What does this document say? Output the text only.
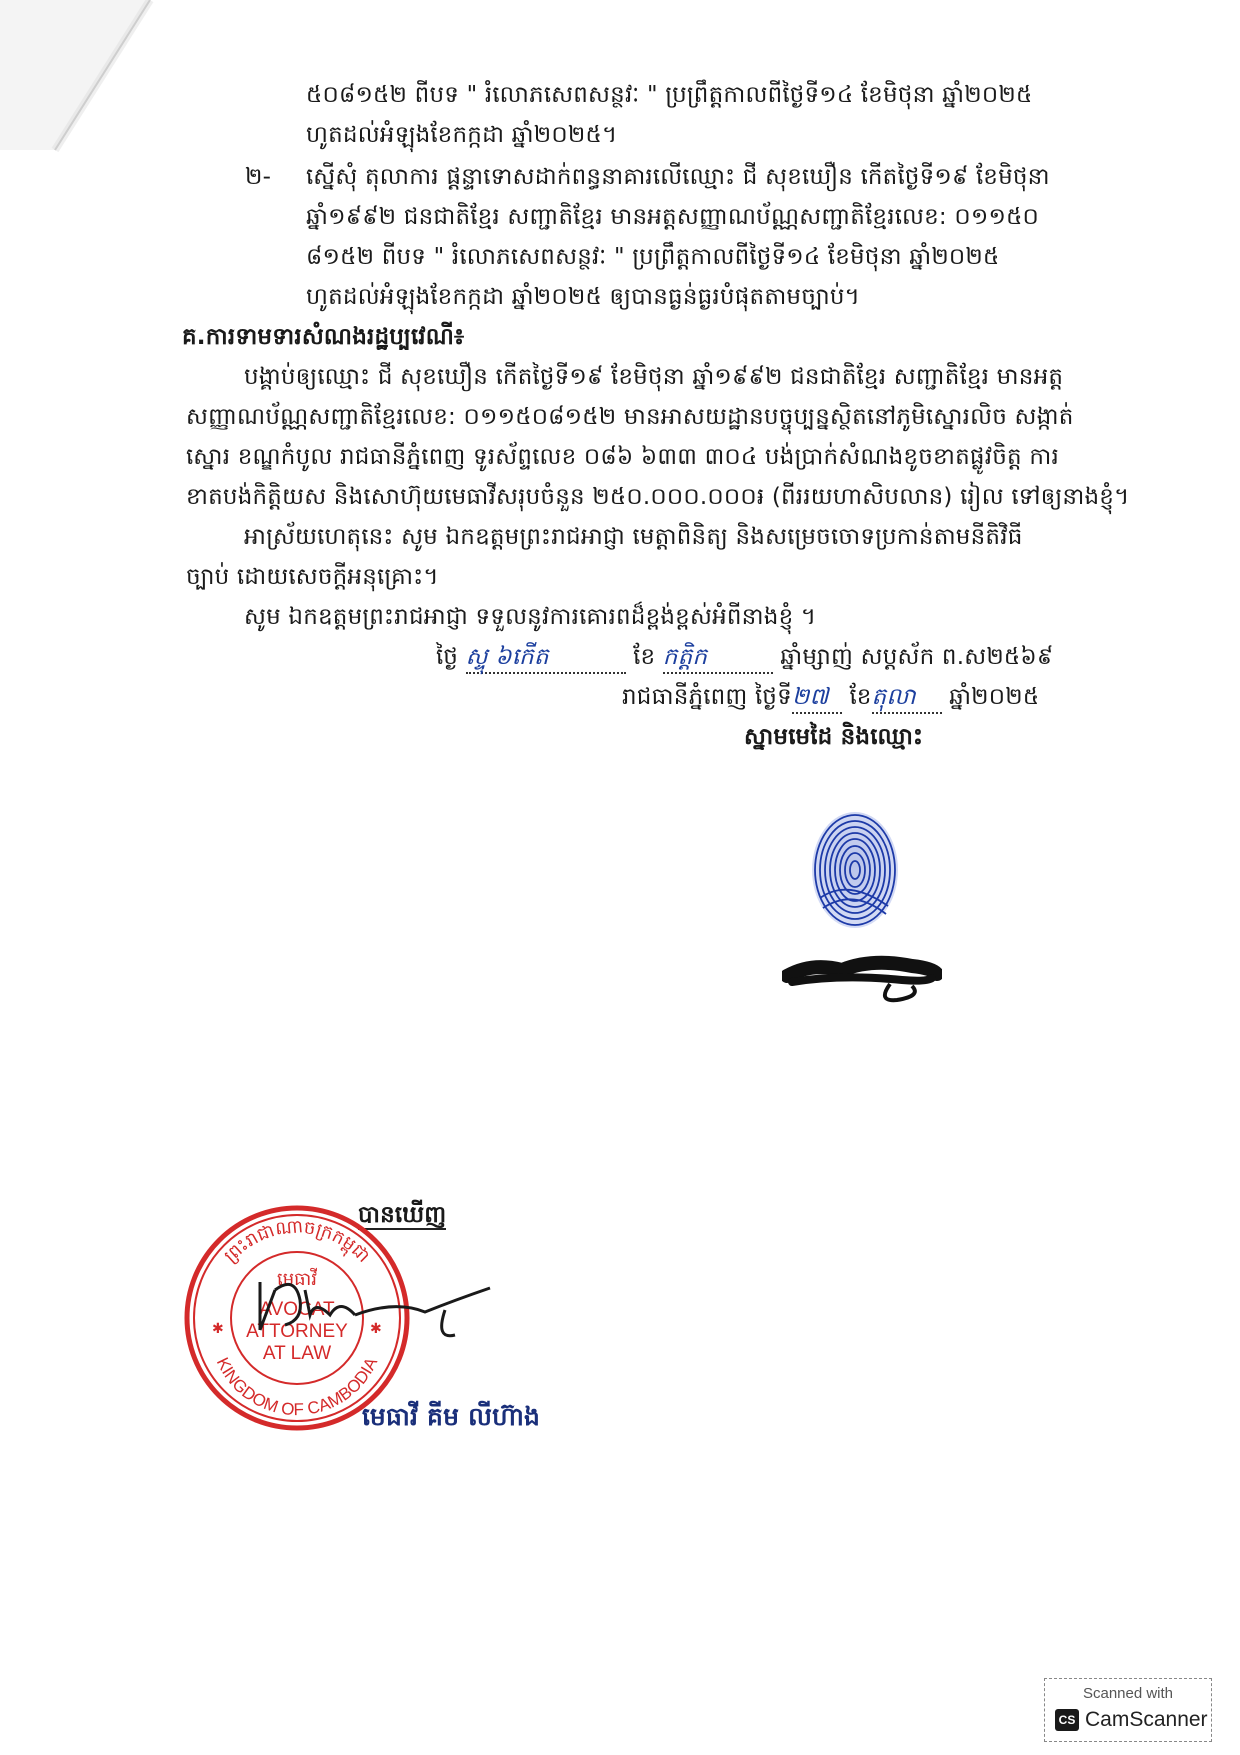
៥០៨១៥២ ពីបទ " រំលោភសេពសន្ថវៈ " ប្រព្រឹត្តកាលពីថ្ងៃទី១៤ ខែមិថុនា ឆ្នាំ២០២៥
ហូតដល់អំឡុងខែកក្កដា ឆ្នាំ២០២៥។
២- ស្នើសុំ តុលាការ ផ្តន្ទាទោសដាក់ពន្ធនាគារលើឈ្មោះ ជី សុខឃឿន កើតថ្ងៃទី១៩ ខែមិថុនា
ឆ្នាំ១៩៩២ ជនជាតិខ្មែរ សញ្ជាតិខ្មែរ មានអត្តសញ្ញាណប័ណ្ណសញ្ជាតិខ្មែរលេខ: ០១១៥០
៨១៥២ ពីបទ " រំលោភសេពសន្ថវៈ " ប្រព្រឹត្តកាលពីថ្ងៃទី១៤ ខែមិថុនា ឆ្នាំ២០២៥
ហូតដល់អំឡុងខែកក្កដា ឆ្នាំ២០២៥ ឲ្យបានធ្ងន់ធ្ងរបំផុតតាមច្បាប់។
គ.ការទាមទារសំណងរដ្ឋប្បវេណី៖
បង្គាប់ឲ្យឈ្មោះ ជី សុខឃឿន កើតថ្ងៃទី១៩ ខែមិថុនា ឆ្នាំ១៩៩២ ជនជាតិខ្មែរ សញ្ជាតិខ្មែរ មានអត្ត
សញ្ញាណប័ណ្ណសញ្ជាតិខ្មែរលេខ: ០១១៥០៨១៥២ មានអាសយដ្ឋានបច្ចុប្បន្នស្ថិតនៅភូមិស្នោរលិច សង្កាត់
ស្នោរ ខណ្ឌកំបូល រាជធានីភ្នំពេញ ទូរស័ព្ទលេខ ០៨៦ ៦៣៣ ៣០៤ បង់ប្រាក់សំណងខូចខាតផ្លូវចិត្ត ការ
ខាតបង់កិត្តិយស និងសោហ៊ុយមេធាវីសរុបចំនួន ២៥០.០០០.០០០៛ (ពីររយហាសិបលាន) រៀល ទៅឲ្យនាងខ្ញុំ។
អាស្រ័យហេតុនេះ សូម ឯកឧត្តមព្រះរាជអាជ្ញា មេត្តាពិនិត្យ និងសម្រេចចោទប្រកាន់តាមនីតិវិធី
ច្បាប់ ដោយសេចក្តីអនុគ្រោះ។
សូម ឯកឧត្តមព្រះរាជអាជ្ញា ទទួលនូវការគោរពដ៏ខ្ពង់ខ្ពស់អំពីនាងខ្ញុំ ។
ថ្ងៃ ស្ទុ ៦កើត	ខែ កត្តិក	ឆ្នាំម្សាញ់ សប្តស័ក ព.ស២៥៦៩
រាជធានីភ្នំពេញ ថ្ងៃទី២៧ ខែតុលា ឆ្នាំ២០២៥
ស្នាមមេដៃ និងឈ្មោះ
បានឃើញ
ព្រះរាជាណាចក្រកម្ពុជា
KINGDOM OF CAMBODIA
មេធាវី
AVOCAT
ATTORNEY
AT LAW
✱	✱
មេធាវី គីម លីហ៊ាង
Scanned with
CS CamScanner
